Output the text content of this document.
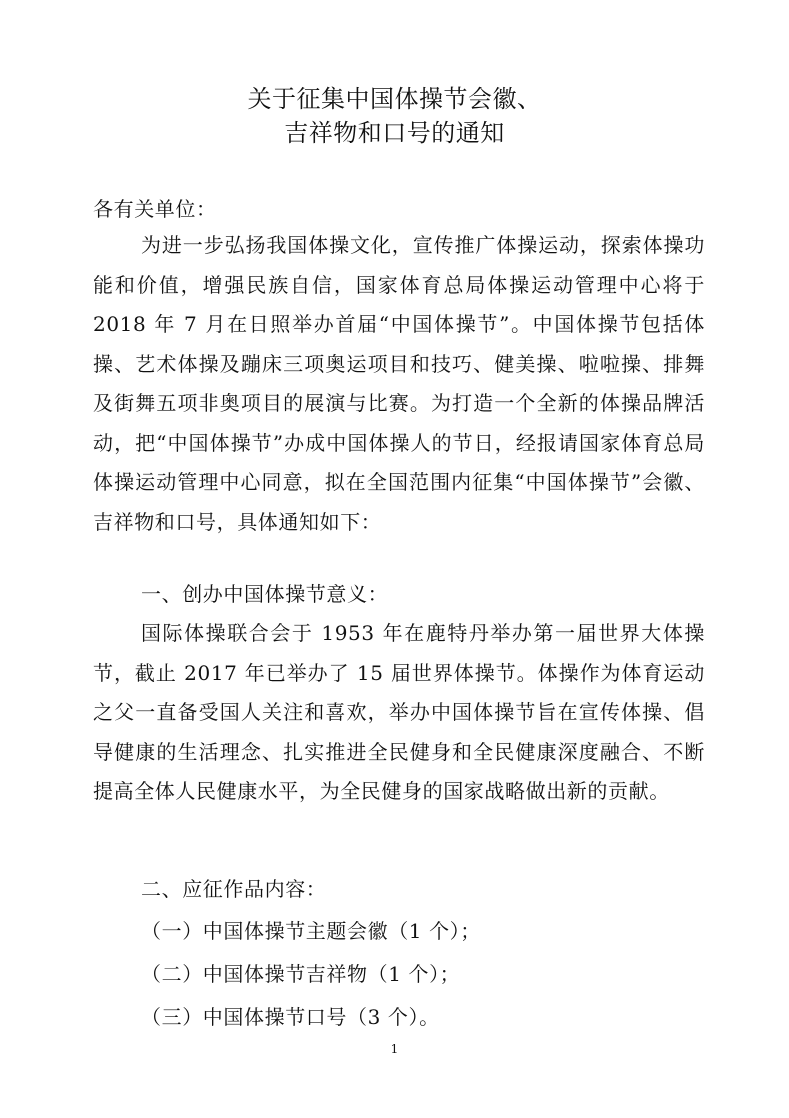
关于征集中国体操节会徽、
吉祥物和口号的通知
各有关单位：
为进一步弘扬我国体操文化，宣传推广体操运动，探索体操功能和价值，增强民族自信，国家体育总局体操运动管理中心将于 2018 年 7 月在日照举办首届“中国体操节”。中国体操节包括体操、艺术体操及蹦床三项奥运项目和技巧、健美操、啦啦操、排舞及街舞五项非奥项目的展演与比赛。为打造一个全新的体操品牌活动，把“中国体操节”办成中国体操人的节日，经报请国家体育总局体操运动管理中心同意，拟在全国范围内征集“中国体操节”会徽、吉祥物和口号，具体通知如下：
一、创办中国体操节意义：
国际体操联合会于 1953 年在鹿特丹举办第一届世界大体操节，截止 2017 年已举办了 15 届世界体操节。体操作为体育运动之父一直备受国人关注和喜欢，举办中国体操节旨在宣传体操、倡导健康的生活理念、扎实推进全民健身和全民健康深度融合、不断提高全体人民健康水平，为全民健身的国家战略做出新的贡献。
二、应征作品内容：
（一）中国体操节主题会徽（1 个）；
（二）中国体操节吉祥物（1 个）；
（三）中国体操节口号（3 个）。
1
